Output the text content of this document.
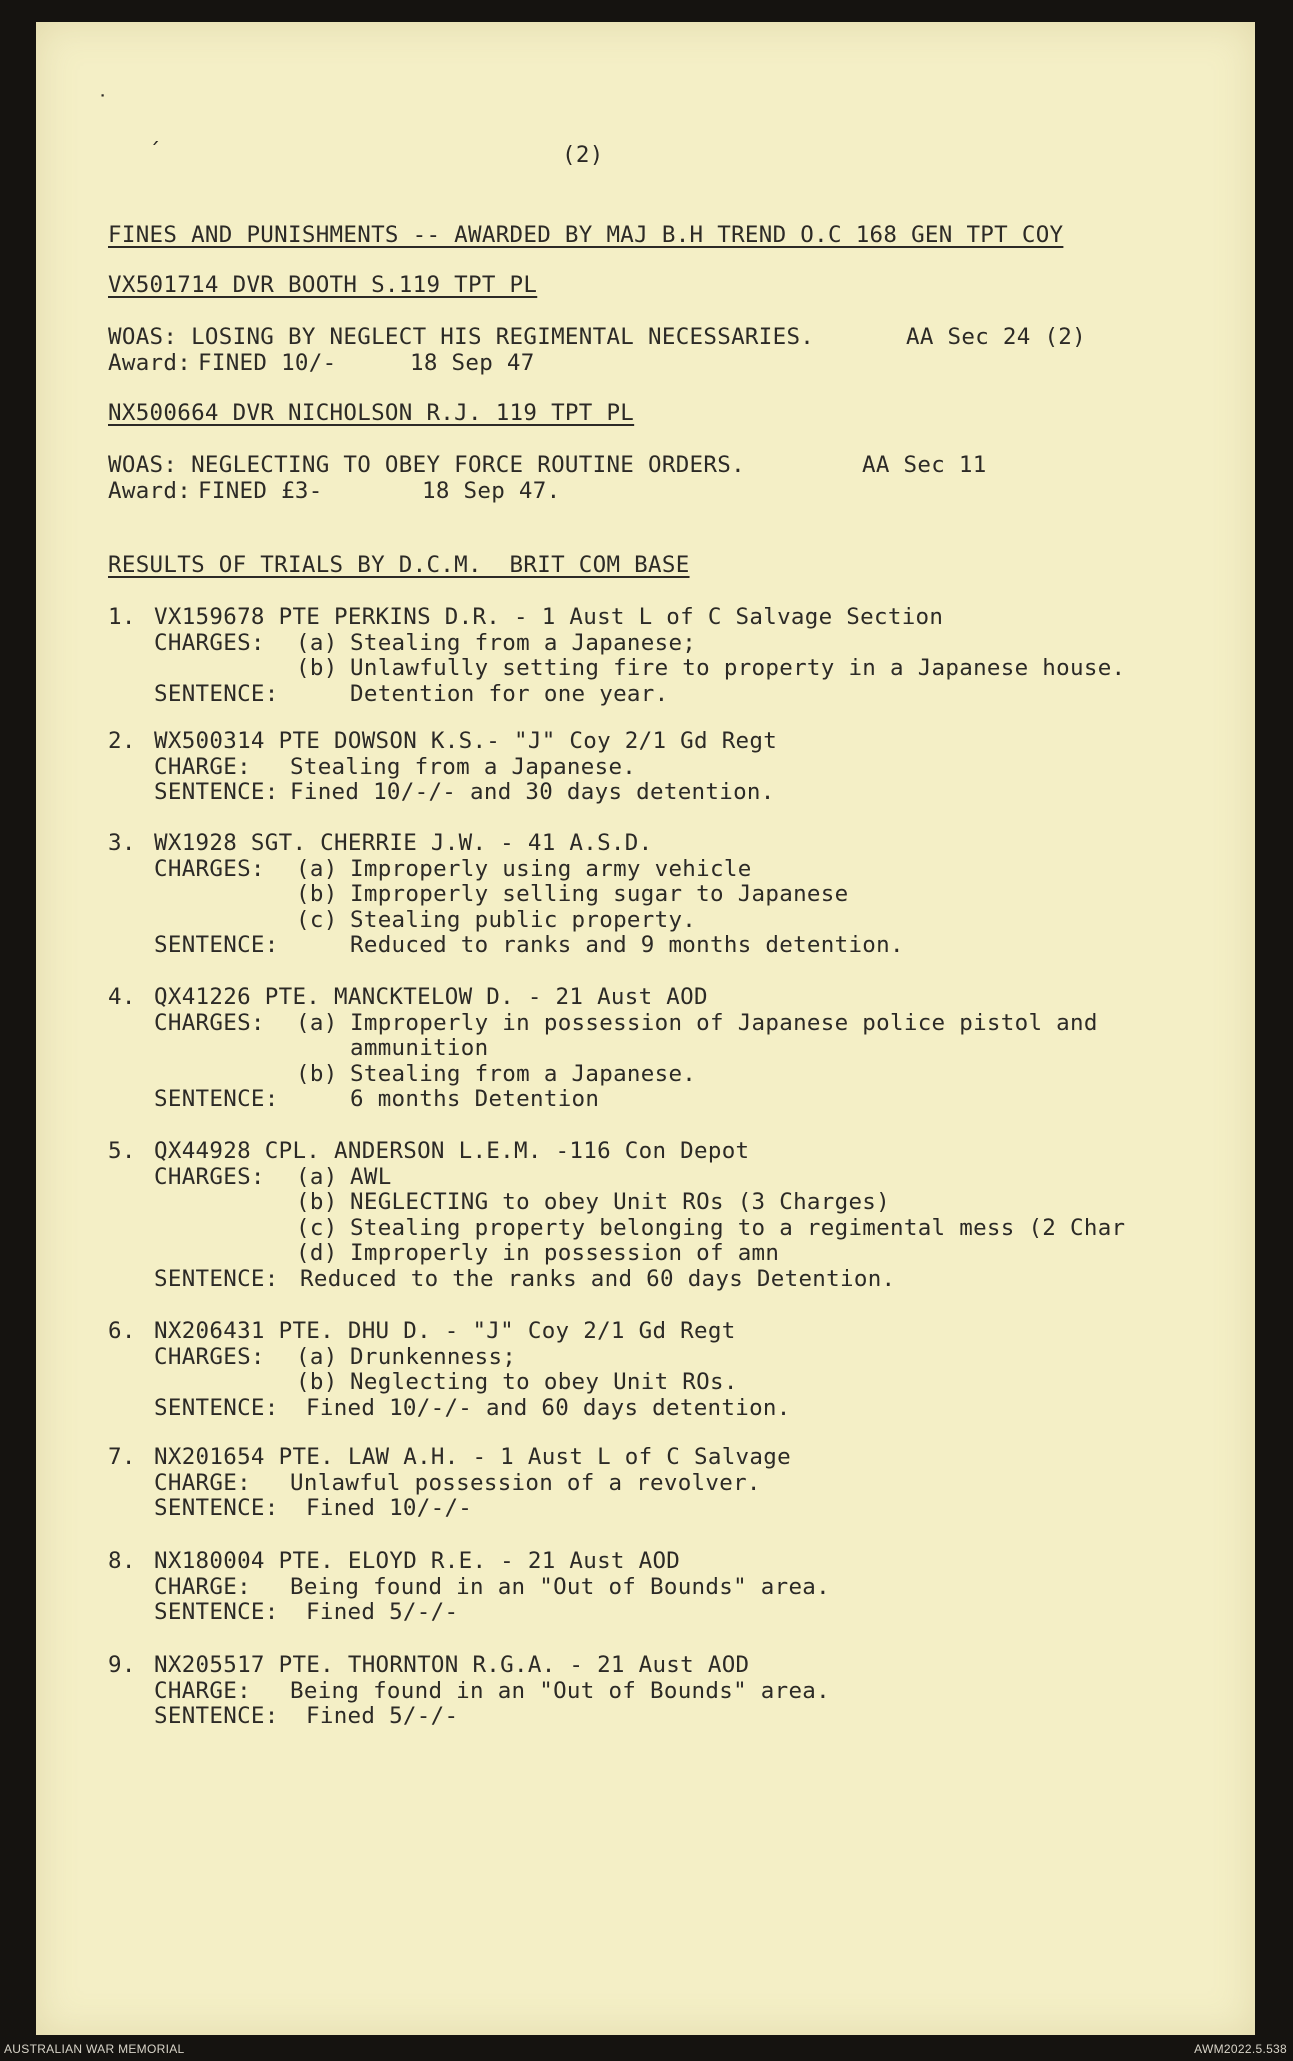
˙
´	(2)
FINES AND PUNISHMENTS -- AWARDED BY MAJ B.H TREND O.C 168 GEN TPT COY
VX501714 DVR BOOTH S.119 TPT PL
WOAS: LOSING BY NEGLECT HIS REGIMENTAL NECESSARIES.	AA Sec 24 (2)
Award: FINED 10/-	18 Sep 47
NX500664 DVR NICHOLSON R.J. 119 TPT PL
WOAS: NEGLECTING TO OBEY FORCE ROUTINE ORDERS.	AA Sec 11
Award: FINED £3-	18 Sep 47.
RESULTS OF TRIALS BY D.C.M.  BRIT COM BASE
1. VX159678 PTE PERKINS D.R. - 1 Aust L of C Salvage Section
CHARGES: (a) Stealing from a Japanese;
(b) Unlawfully setting fire to property in a Japanese house.
SENTENCE:	Detention for one year.
2. WX500314 PTE DOWSON K.S.- "J" Coy 2/1 Gd Regt
CHARGE: Stealing from a Japanese.
SENTENCE: Fined 10/-/- and 30 days detention.
3. WX1928 SGT. CHERRIE J.W. - 41 A.S.D.
CHARGES: (a) Improperly using army vehicle
(b) Improperly selling sugar to Japanese
(c) Stealing public property.
SENTENCE:	Reduced to ranks and 9 months detention.
4. QX41226 PTE. MANCKTELOW D. - 21 Aust AOD
CHARGES: (a) Improperly in possession of Japanese police pistol and
ammunition
(b) Stealing from a Japanese.
SENTENCE:	6 months Detention
5. QX44928 CPL. ANDERSON L.E.M. -116 Con Depot
CHARGES: (a) AWL
(b) NEGLECTING to obey Unit ROs (3 Charges)
(c) Stealing property belonging to a regimental mess (2 Char
(d) Improperly in possession of amn
SENTENCE: Reduced to the ranks and 60 days Detention.
6. NX206431 PTE. DHU D. - "J" Coy 2/1 Gd Regt
CHARGES: (a) Drunkenness;
(b) Neglecting to obey Unit ROs.
SENTENCE: Fined 10/-/- and 60 days detention.
7. NX201654 PTE. LAW A.H. - 1 Aust L of C Salvage
CHARGE: Unlawful possession of a revolver.
SENTENCE: Fined 10/-/-
8. NX180004 PTE. ELOYD R.E. - 21 Aust AOD
CHARGE: Being found in an "Out of Bounds" area.
SENTENCE: Fined 5/-/-
9. NX205517 PTE. THORNTON R.G.A. - 21 Aust AOD
CHARGE: Being found in an "Out of Bounds" area.
SENTENCE: Fined 5/-/-
AUSTRALIAN WAR MEMORIAL	AWM2022.5.538
